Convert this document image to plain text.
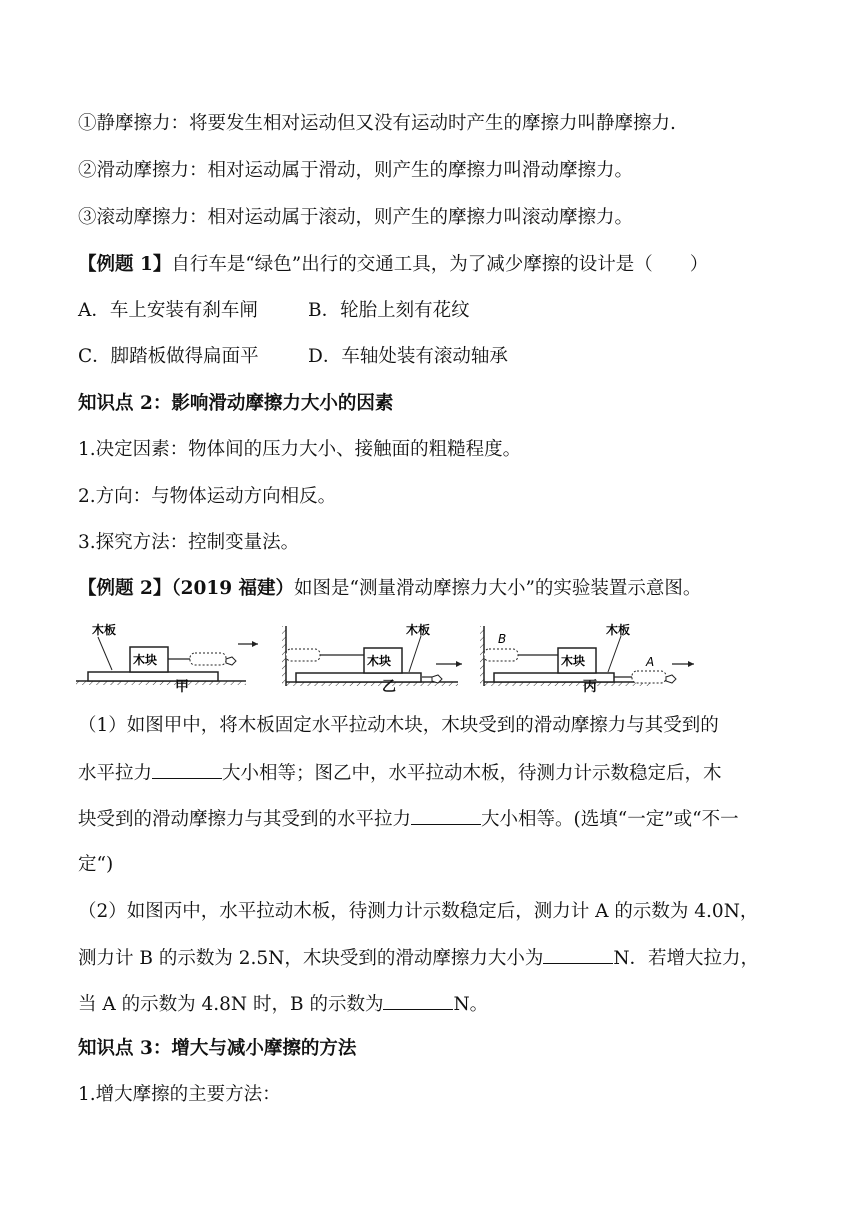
①静摩擦力：将要发生相对运动但又没有运动时产生的摩擦力叫静摩擦力.
②滑动摩擦力：相对运动属于滑动，则产生的摩擦力叫滑动摩擦力。
③滚动摩擦力：相对运动属于滚动，则产生的摩擦力叫滚动摩擦力。
【例题 1】自行车是“绿色”出行的交通工具，为了减少摩擦的设计是（　　）
A．车上安装有刹车闸	B．轮胎上刻有花纹
C．脚踏板做得扁面平	D．车轴处装有滚动轴承
知识点 2：影响滑动摩擦力大小的因素
1.决定因素：物体间的压力大小、接触面的粗糙程度。
2.方向：与物体运动方向相反。
3.探究方法：控制变量法。
【例题 2】（2019 福建）如图是“测量滑动摩擦力大小”的实验装置示意图。
木块
木板
木块
木板
B
木块
木板
A
甲	乙	丙
（1）如图甲中，将木板固定水平拉动木块，木块受到的滑动摩擦力与其受到的
水平拉力	大小相等；图乙中，水平拉动木板，待测力计示数稳定后，木
块受到的滑动摩擦力与其受到的水平拉力	大小相等。(选填“一定”或“不一
定“)
（2）如图丙中，水平拉动木板，待测力计示数稳定后，测力计 A 的示数为 4.0N，
测力计 B 的示数为 2.5N，木块受到的滑动摩擦力大小为	N．若增大拉力，
当 A 的示数为 4.8N 时，B 的示数为	N。
知识点 3：增大与减小摩擦的方法
1.增大摩擦的主要方法：
